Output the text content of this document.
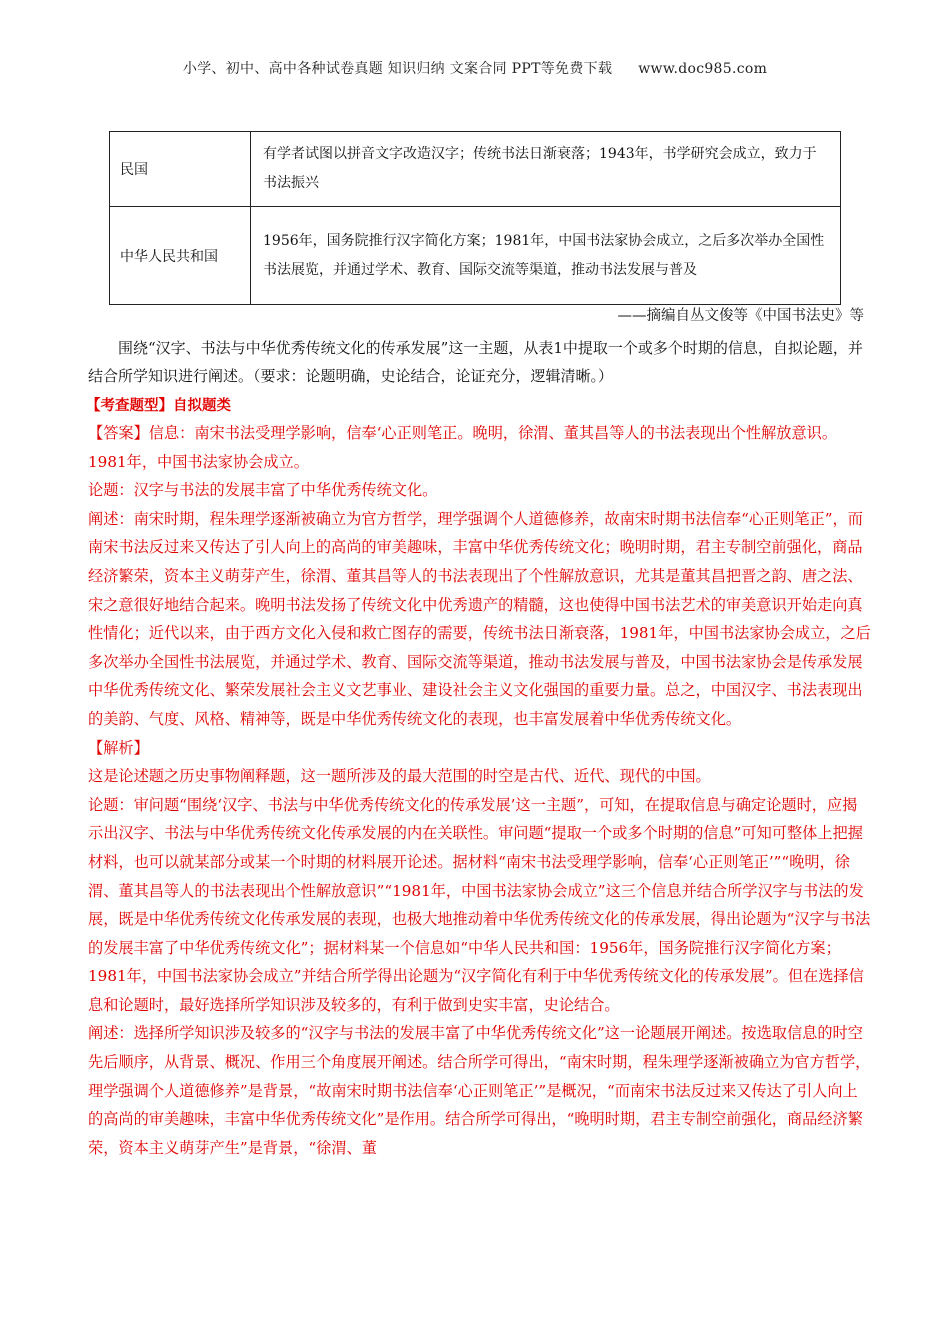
小学、初中、高中各种试卷真题 知识归纳 文案合同 PPT等免费下载 www.doc985.com
民国	有学者试图以拼音文字改造汉字；传统书法日渐衰落；1943年，书学研究会成立，致力于书法振兴
中华人民共和国	1956年，国务院推行汉字简化方案；1981年，中国书法家协会成立，之后多次举办全国性书法展览，并通过学术、教育、国际交流等渠道，推动书法发展与普及
——摘编自丛文俊等《中国书法史》等
围绕“汉字、书法与中华优秀传统文化的传承发展”这一主题，从表1中提取一个或多个时期的信息，自拟论题，并结合所学知识进行阐述。（要求：论题明确，史论结合，论证充分，逻辑清晰。）
【考查题型】自拟题类

【答案】信息：南宋书法受理学影响，信奉‘心正则笔正。晚明，徐渭、董其昌等人的书法表现出个性解放意识。1981年，中国书法家协会成立。

论题：汉字与书法的发展丰富了中华优秀传统文化。

阐述：南宋时期，程朱理学逐渐被确立为官方哲学，理学强调个人道德修养，故南宋时期书法信奉“心正则笔正”，而南宋书法反过来又传达了引人向上的高尚的审美趣味，丰富中华优秀传统文化；晚明时期，君主专制空前强化，商品经济繁荣，资本主义萌芽产生，徐渭、董其昌等人的书法表现出了个性解放意识，尤其是董其昌把晋之韵、唐之法、宋之意很好地结合起来。晚明书法发扬了传统文化中优秀遗产的精髓，这也使得中国书法艺术的审美意识开始走向真性情化；近代以来，由于西方文化入侵和救亡图存的需要，传统书法日渐衰落，1981年，中国书法家协会成立，之后多次举办全国性书法展览，并通过学术、教育、国际交流等渠道，推动书法发展与普及，中国书法家协会是传承发展中华优秀传统文化、繁荣发展社会主义文艺事业、建设社会主义文化强国的重要力量。总之，中国汉字、书法表现出的美韵、气度、风格、精神等，既是中华优秀传统文化的表现，也丰富发展着中华优秀传统文化。

【解析】

这是论述题之历史事物阐释题，这一题所涉及的最大范围的时空是古代、近代、现代的中国。

论题：审问题“围绕‘汉字、书法与中华优秀传统文化的传承发展’这一主题”，可知，在提取信息与确定论题时，应揭示出汉字、书法与中华优秀传统文化传承发展的内在关联性。审问题“提取一个或多个时期的信息”可知可整体上把握材料，也可以就某部分或某一个时期的材料展开论述。据材料“南宋书法受理学影响，信奉‘心正则笔正’”“晚明，徐渭、董其昌等人的书法表现出个性解放意识”“1981年，中国书法家协会成立”这三个信息并结合所学汉字与书法的发展，既是中华优秀传统文化传承发展的表现，也极大地推动着中华优秀传统文化的传承发展，得出论题为“汉字与书法的发展丰富了中华优秀传统文化”；据材料某一个信息如“中华人民共和国：1956年，国务院推行汉字简化方案；1981年，中国书法家协会成立”并结合所学得出论题为“汉字简化有利于中华优秀传统文化的传承发展”。但在选择信息和论题时，最好选择所学知识涉及较多的，有利于做到史实丰富，史论结合。

阐述：选择所学知识涉及较多的“汉字与书法的发展丰富了中华优秀传统文化”这一论题展开阐述。按选取信息的时空先后顺序，从背景、概况、作用三个角度展开阐述。结合所学可得出，“南宋时期，程朱理学逐渐被确立为官方哲学，理学强调个人道德修养”是背景，“故南宋时期书法信奉‘心正则笔正’”是概况，“而南宋书法反过来又传达了引人向上的高尚的审美趣味，丰富中华优秀传统文化”是作用。结合所学可得出，“晚明时期，君主专制空前强化，商品经济繁荣，资本主义萌芽产生”是背景，“徐渭、董
